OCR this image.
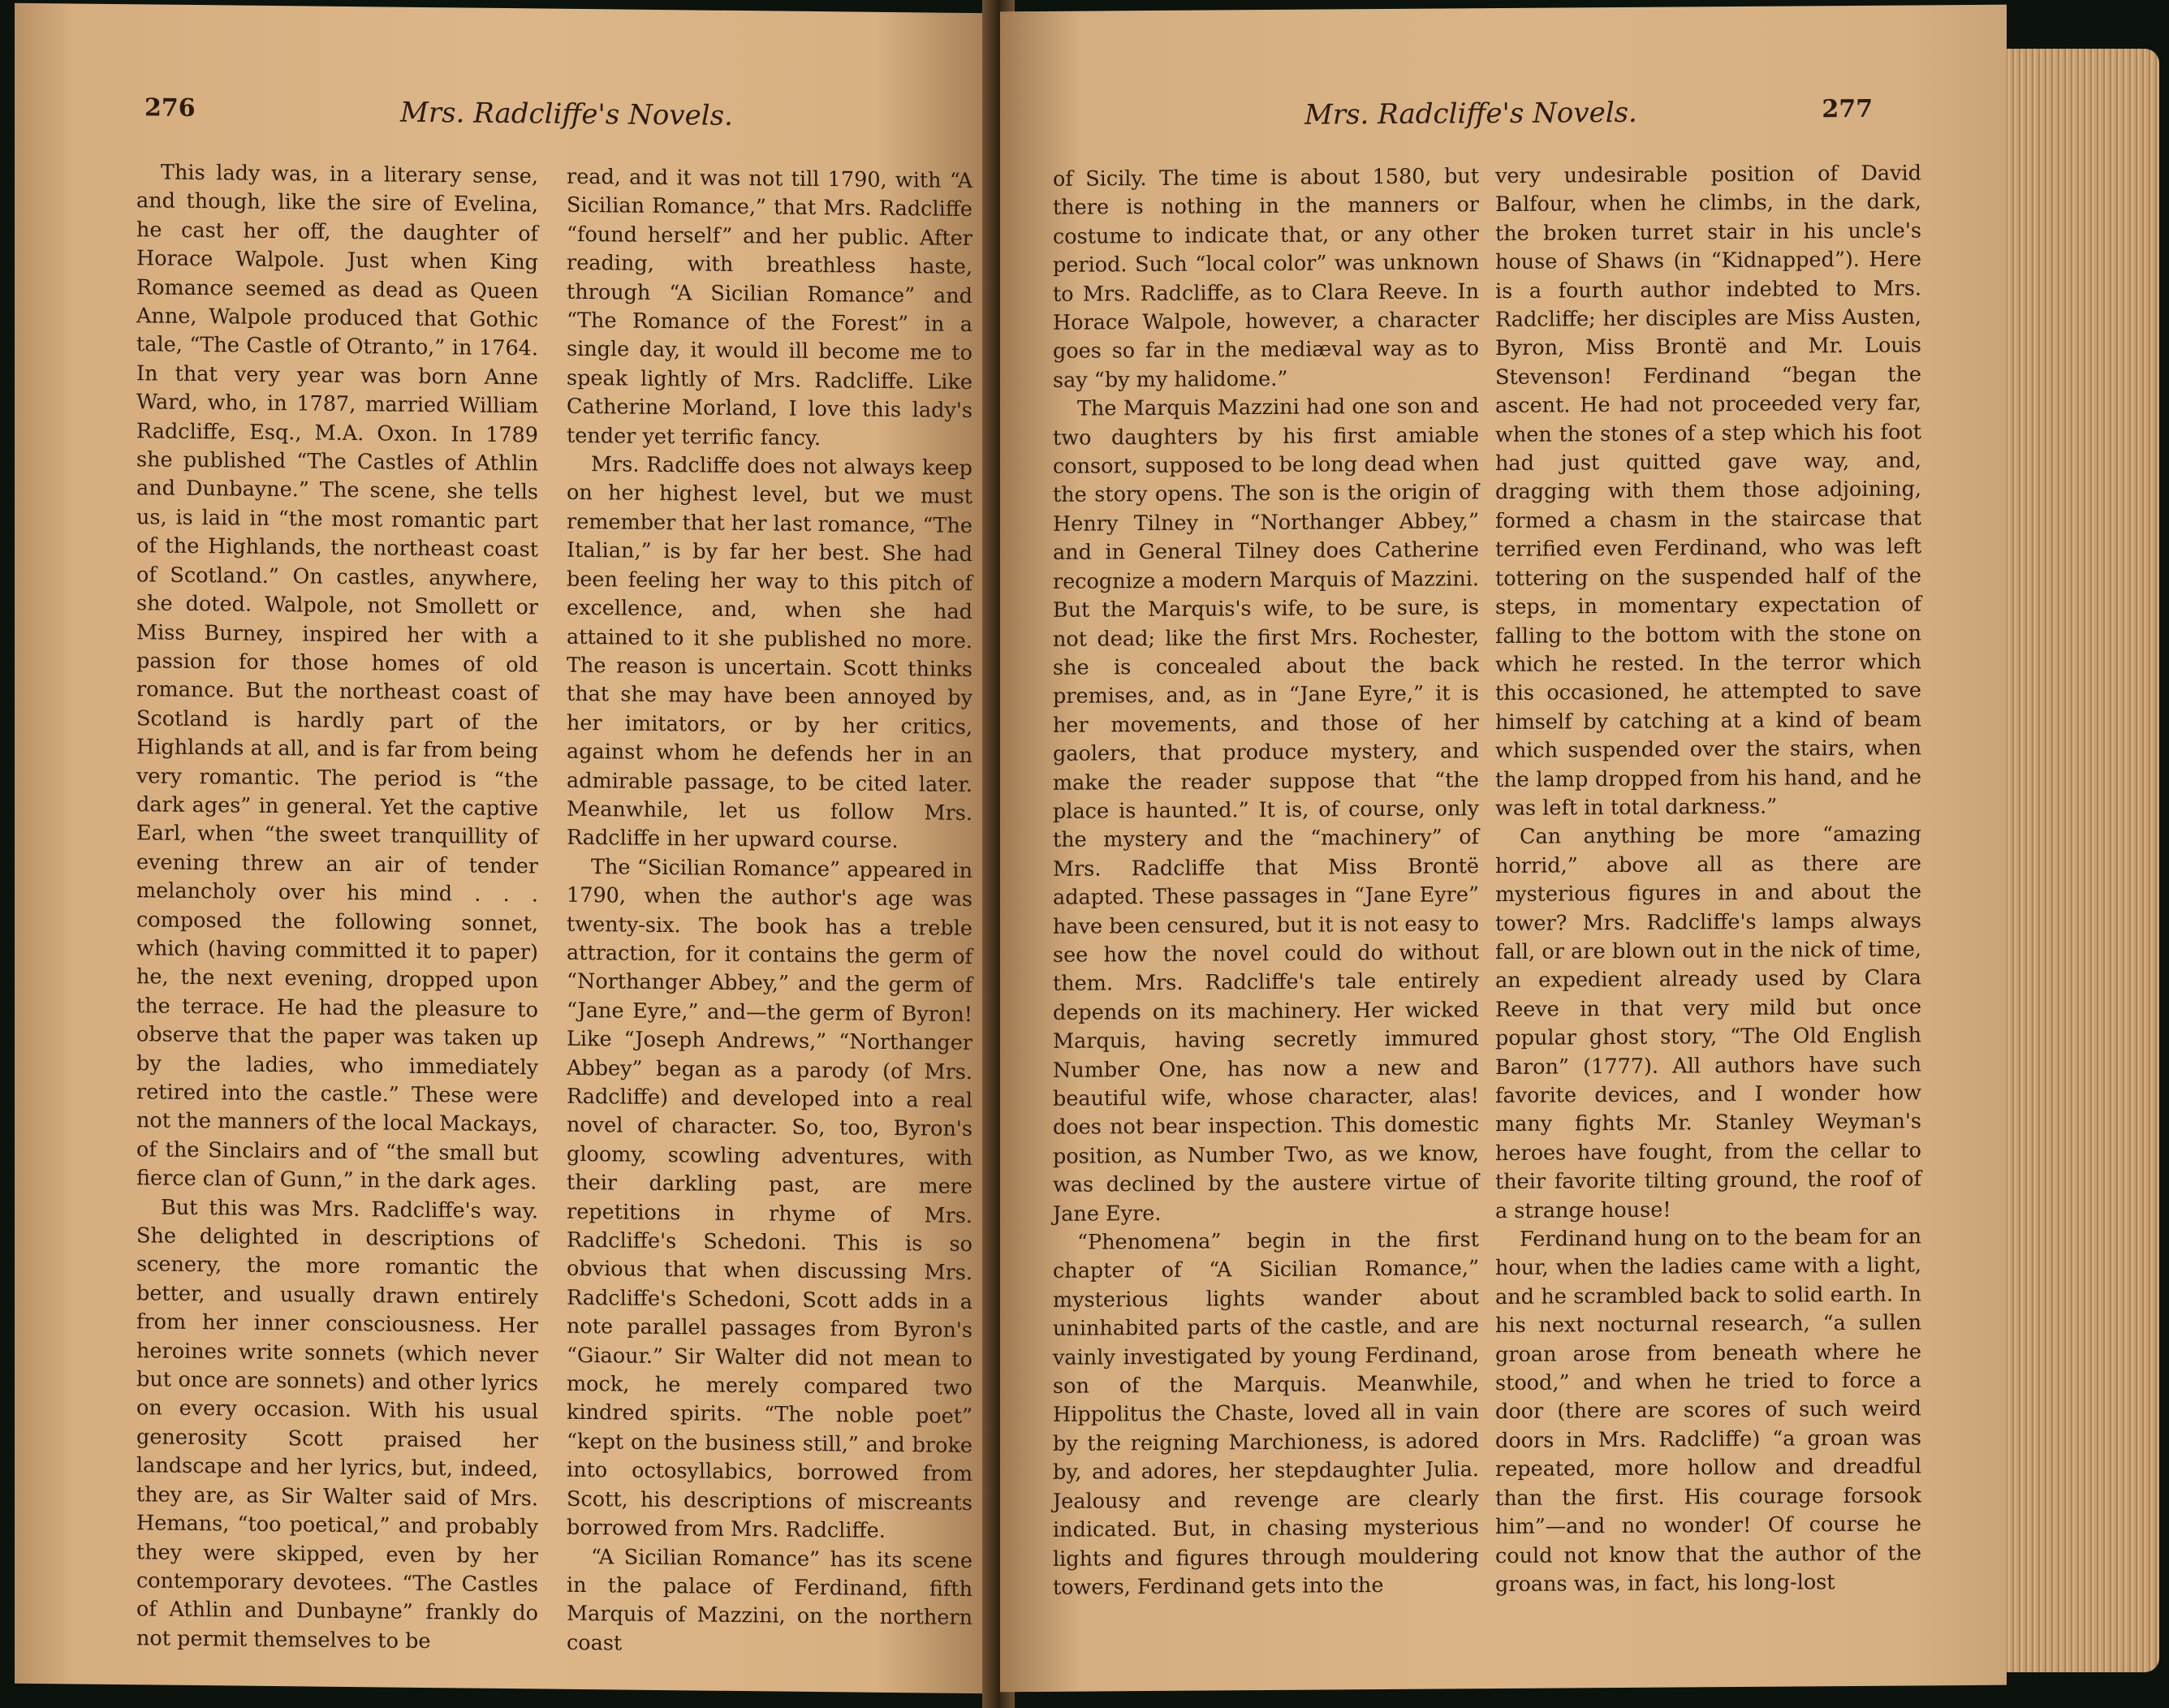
276	Mrs. Radcliffe's Novels.

This lady was, in a literary sense, and though, like the sire of Evelina, he cast her off, the daughter of Horace Walpole. Just when King Romance seemed as dead as Queen Anne, Walpole produced that Gothic tale, “The Castle of Otranto,” in 1764. In that very year was born Anne Ward, who, in 1787, married William Radcliffe, Esq., M.A. Oxon. In 1789 she published “The Castles of Athlin and Dunbayne.” The scene, she tells us, is laid in “the most romantic part of the Highlands, the northeast coast of Scotland.” On castles, anywhere, she doted. Walpole, not Smollett or Miss Burney, inspired her with a passion for those homes of old romance. But the northeast coast of Scotland is hardly part of the Highlands at all, and is far from being very romantic. The period is “the dark ages” in general. Yet the captive Earl, when “the sweet tranquillity of evening threw an air of tender melancholy over his mind . . . composed the following sonnet, which (having committed it to paper) he, the next evening, dropped upon the terrace. He had the pleasure to observe that the paper was taken up by the ladies, who immediately retired into the castle.” These were not the manners of the local Mackays, of the Sinclairs and of “the small but fierce clan of Gunn,” in the dark ages.

But this was Mrs. Radcliffe's way. She delighted in descriptions of scenery, the more romantic the better, and usually drawn entirely from her inner consciousness. Her heroines write sonnets (which never but once are sonnets) and other lyrics on every occasion. With his usual generosity Scott praised her landscape and her lyrics, but, indeed, they are, as Sir Walter said of Mrs. Hemans, “too poetical,” and probably they were skipped, even by her contemporary devotees. “The Castles of Athlin and Dunbayne” frankly do not permit themselves to be

read, and it was not till 1790, with “A Sicilian Romance,” that Mrs. Radcliffe “found herself” and her public. After reading, with breathless haste, through “A Sicilian Romance” and “The Romance of the Forest” in a single day, it would ill become me to speak lightly of Mrs. Radcliffe. Like Catherine Morland, I love this lady's tender yet terrific fancy.

Mrs. Radcliffe does not always keep on her highest level, but we must remember that her last romance, “The Italian,” is by far her best. She had been feeling her way to this pitch of excellence, and, when she had attained to it she published no more. The reason is uncertain. Scott thinks that she may have been annoyed by her imitators, or by her critics, against whom he defends her in an admirable passage, to be cited later. Meanwhile, let us follow Mrs. Radcliffe in her upward course.

The “Sicilian Romance” appeared in 1790, when the author's age was twenty-six. The book has a treble attraction, for it contains the germ of “Northanger Abbey,” and the germ of “Jane Eyre,” and—the germ of Byron! Like “Joseph Andrews,” “Northanger Abbey” began as a parody (of Mrs. Radcliffe) and developed into a real novel of character. So, too, Byron's gloomy, scowling adventures, with their darkling past, are mere repetitions in rhyme of Mrs. Radcliffe's Schedoni. This is so obvious that when discussing Mrs. Radcliffe's Schedoni, Scott adds in a note parallel passages from Byron's “Giaour.” Sir Walter did not mean to mock, he merely compared two kindred spirits. “The noble poet” “kept on the business still,” and broke into octosyllabics, borrowed from Scott, his descriptions of miscreants borrowed from Mrs. Radcliffe.

“A Sicilian Romance” has its scene in the palace of Ferdinand, fifth Marquis of Mazzini, on the northern coast

Mrs. Radcliffe's Novels.	277

of Sicily. The time is about 1580, but there is nothing in the manners or costume to indicate that, or any other period. Such “local color” was unknown to Mrs. Radcliffe, as to Clara Reeve. In Horace Walpole, however, a character goes so far in the mediæval way as to say “by my halidome.”

The Marquis Mazzini had one son and two daughters by his first amiable consort, supposed to be long dead when the story opens. The son is the origin of Henry Tilney in “Northanger Abbey,” and in General Tilney does Catherine recognize a modern Marquis of Mazzini. But the Marquis's wife, to be sure, is not dead; like the first Mrs. Rochester, she is concealed about the back premises, and, as in “Jane Eyre,” it is her movements, and those of her gaolers, that produce mystery, and make the reader suppose that “the place is haunted.” It is, of course, only the mystery and the “machinery” of Mrs. Radcliffe that Miss Brontë adapted. These passages in “Jane Eyre” have been censured, but it is not easy to see how the novel could do without them. Mrs. Radcliffe's tale entirely depends on its machinery. Her wicked Marquis, having secretly immured Number One, has now a new and beautiful wife, whose character, alas! does not bear inspection. This domestic position, as Number Two, as we know, was declined by the austere virtue of Jane Eyre.

“Phenomena” begin in the first chapter of “A Sicilian Romance,” mysterious lights wander about uninhabited parts of the castle, and are vainly investigated by young Ferdinand, son of the Marquis. Meanwhile, Hippolitus the Chaste, loved all in vain by the reigning Marchioness, is adored by, and adores, her stepdaughter Julia. Jealousy and revenge are clearly indicated. But, in chasing mysterious lights and figures through mouldering towers, Ferdinand gets into the

very undesirable position of David Balfour, when he climbs, in the dark, the broken turret stair in his uncle's house of Shaws (in “Kidnapped”). Here is a fourth author indebted to Mrs. Radcliffe; her disciples are Miss Austen, Byron, Miss Brontë and Mr. Louis Stevenson! Ferdinand “began the ascent. He had not proceeded very far, when the stones of a step which his foot had just quitted gave way, and, dragging with them those adjoining, formed a chasm in the staircase that terrified even Ferdinand, who was left tottering on the suspended half of the steps, in momentary expectation of falling to the bottom with the stone on which he rested. In the terror which this occasioned, he attempted to save himself by catching at a kind of beam which suspended over the stairs, when the lamp dropped from his hand, and he was left in total darkness.”

Can anything be more “amazing horrid,” above all as there are mysterious figures in and about the tower? Mrs. Radcliffe's lamps always fall, or are blown out in the nick of time, an expedient already used by Clara Reeve in that very mild but once popular ghost story, “The Old English Baron” (1777). All authors have such favorite devices, and I wonder how many fights Mr. Stanley Weyman's heroes have fought, from the cellar to their favorite tilting ground, the roof of a strange house!

Ferdinand hung on to the beam for an hour, when the ladies came with a light, and he scrambled back to solid earth. In his next nocturnal research, “a sullen groan arose from beneath where he stood,” and when he tried to force a door (there are scores of such weird doors in Mrs. Radcliffe) “a groan was repeated, more hollow and dreadful than the first. His courage forsook him”—and no wonder! Of course he could not know that the author of the groans was, in fact, his long-lost
